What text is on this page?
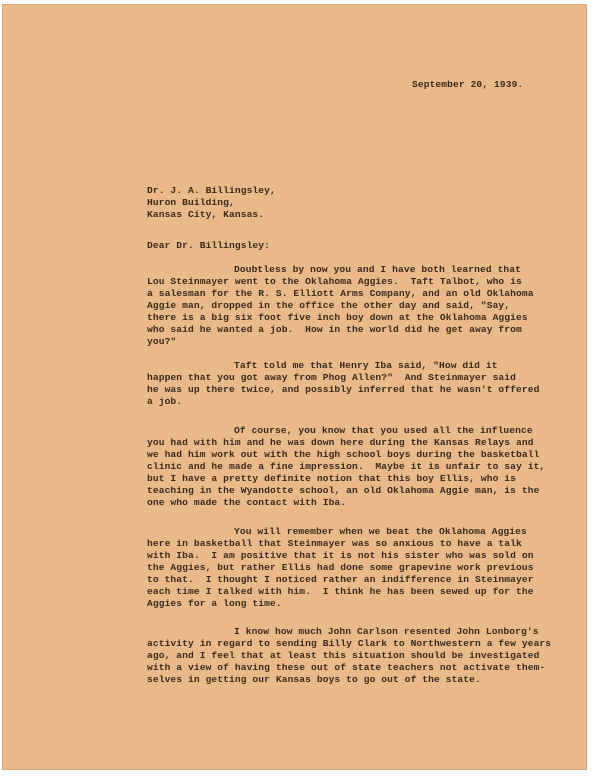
September 20, 1939.
Dr. J. A. Billingsley,
Huron Building,
Kansas City, Kansas.
Dear Dr. Billingsley:
Doubtless by now you and I have both learned that
Lou Steinmayer went to the Oklahoma Aggies.  Taft Talbot, who is
a salesman for the R. S. Elliott Arms Company, and an old Oklahoma
Aggie man, dropped in the office the other day and said, "Say,
there is a big six foot five inch boy down at the Oklahoma Aggies
who said he wanted a job.  How in the world did he get away from
you?"
Taft told me that Henry Iba said, "How did it
happen that you got away from Phog Allen?"  And Steinmayer said
he was up there twice, and possibly inferred that he wasn't offered
a job.
Of course, you know that you used all the influence
you had with him and he was down here during the Kansas Relays and
we had him work out with the high school boys during the basketball
clinic and he made a fine impression.  Maybe it is unfair to say it,
but I have a pretty definite notion that this boy Ellis, who is
teaching in the Wyandotte school, an old Oklahoma Aggie man, is the
one who made the contact with Iba.
You will remember when we beat the Oklahoma Aggies
here in basketball that Steinmayer was so anxious to have a talk
with Iba.  I am positive that it is not his sister who was sold on
the Aggies, but rather Ellis had done some grapevine work previous
to that.  I thought I noticed rather an indifference in Steinmayer
each time I talked with him.  I think he has been sewed up for the
Aggies for a long time.
I know how much John Carlson resented John Lonborg's
activity in regard to sending Billy Clark to Northwestern a few years
ago, and I feel that at least this situation should be investigated
with a view of having these out of state teachers not activate them-
selves in getting our Kansas boys to go out of the state.
